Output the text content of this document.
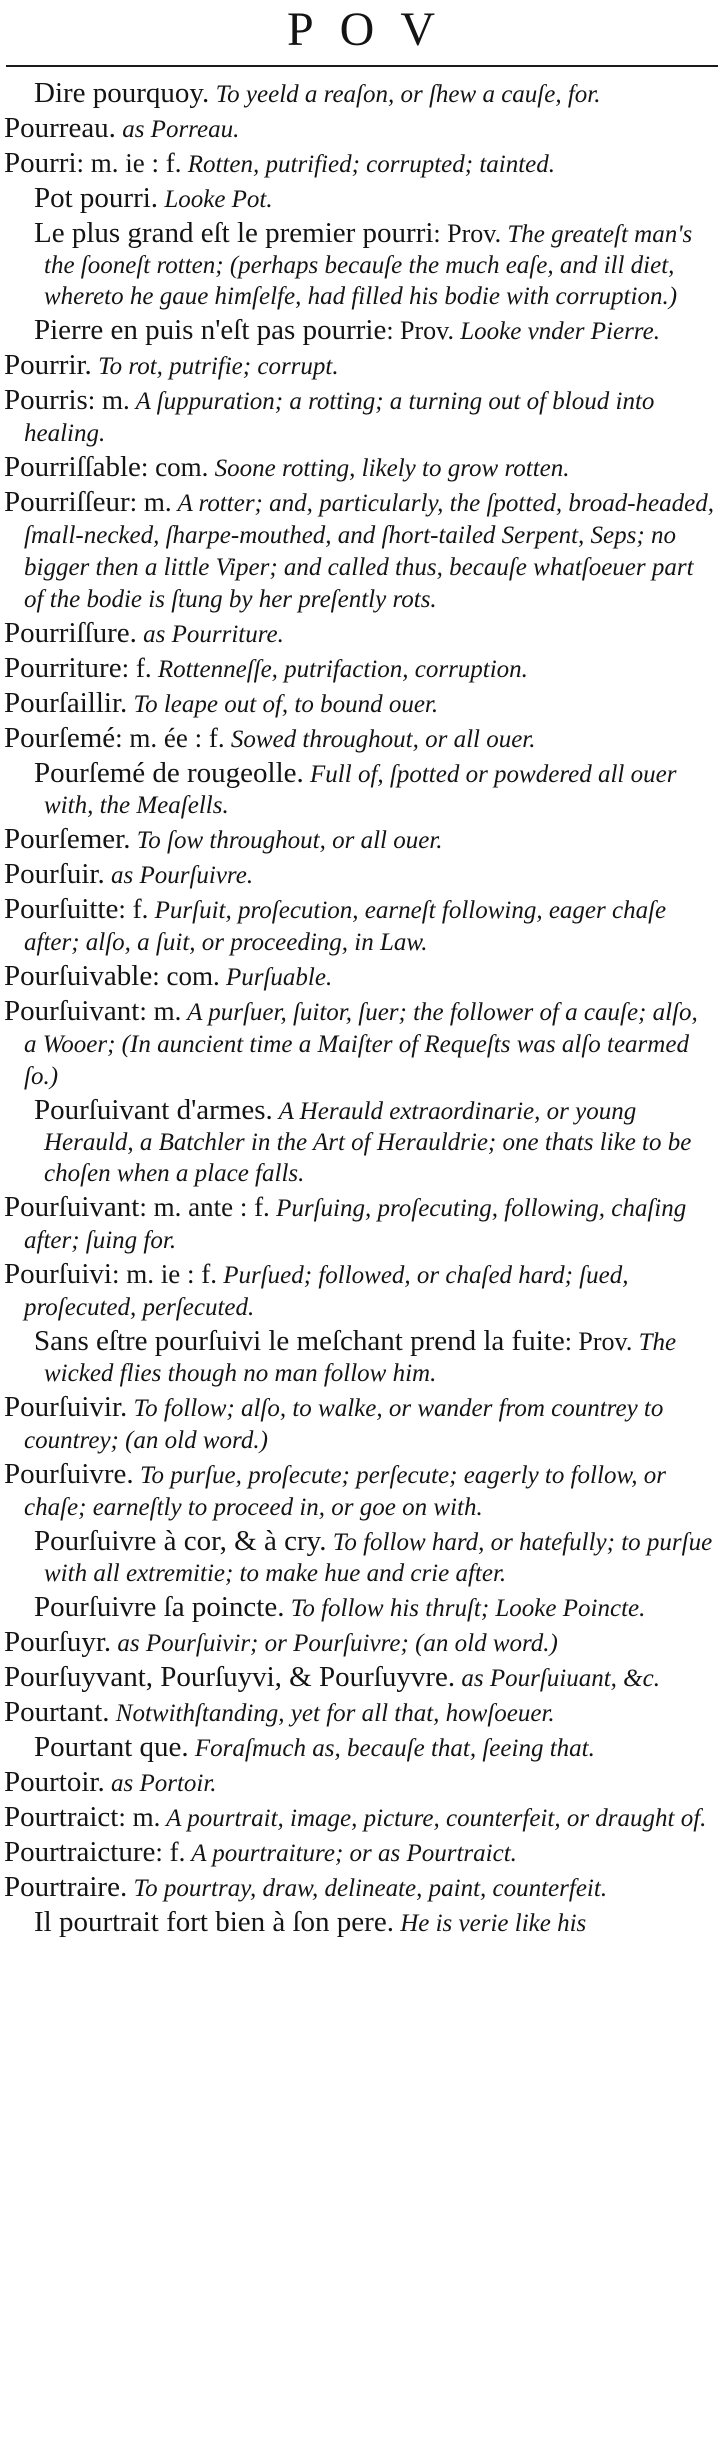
POV
Dire pourquoy. To yeeld a reaſon, or ſhew a cauſe, for.
Pourreau. as Porreau.
Pourri: m. ie : f. Rotten, putrified; corrupted; tainted.
Pot pourri. Looke Pot.
Le plus grand eſt le premier pourri: Prov. The greateſt man's the ſooneſt rotten; (perhaps becauſe the much eaſe, and ill diet, whereto he gaue himſelfe, had filled his bodie with corruption.)
Pierre en puis n'eſt pas pourrie: Prov. Looke vnder Pierre.
Pourrir. To rot, putrifie; corrupt.
Pourris: m. A ſuppuration; a rotting; a turning out of bloud into healing.
Pourriſſable: com. Soone rotting, likely to grow rotten.
Pourriſſeur: m. A rotter; and, particularly, the ſpotted, broad-headed, ſmall-necked, ſharpe-mouthed, and ſhort-tailed Serpent, Seps; no bigger then a little Viper; and called thus, becauſe whatſoeuer part of the bodie is ſtung by her preſently rots.
Pourriſſure. as Pourriture.
Pourriture: f. Rottenneſſe, putrifaction, corruption.
Pourſaillir. To leape out of, to bound ouer.
Pourſemé: m. ée : f. Sowed throughout, or all ouer.
Pourſemé de rougeolle. Full of, ſpotted or powdered all ouer with, the Meaſells.
Pourſemer. To ſow throughout, or all ouer.
Pourſuir. as Pourſuivre.
Pourſuitte: f. Purſuit, proſecution, earneſt following, eager chaſe after; alſo, a ſuit, or proceeding, in Law.
Pourſuivable: com. Purſuable.
Pourſuivant: m. A purſuer, ſuitor, ſuer; the follower of a cauſe; alſo, a Wooer; (In auncient time a Maiſter of Requeſts was alſo tearmed ſo.)
Pourſuivant d'armes. A Herauld extraordinarie, or young Herauld, a Batchler in the Art of Herauldrie; one thats like to be choſen when a place falls.
Pourſuivant: m. ante : f. Purſuing, proſecuting, following, chaſing after; ſuing for.
Pourſuivi: m. ie : f. Purſued; followed, or chaſed hard; ſued, proſecuted, perſecuted.
Sans eſtre pourſuivi le meſchant prend la fuite: Prov. The wicked flies though no man follow him.
Pourſuivir. To follow; alſo, to walke, or wander from countrey to countrey; (an old word.)
Pourſuivre. To purſue, proſecute; perſecute; eagerly to follow, or chaſe; earneſtly to proceed in, or goe on with.
Pourſuivre à cor, & à cry. To follow hard, or hatefully; to purſue with all extremitie; to make hue and crie after.
Pourſuivre ſa poincte. To follow his thruſt; Looke Poincte.
Pourſuyr. as Pourſuivir; or Pourſuivre; (an old word.)
Pourſuyvant, Pourſuyvi, & Pourſuyvre. as Pourſuiuant, &c.
Pourtant. Notwithſtanding, yet for all that, howſoeuer.
Pourtant que. Foraſmuch as, becauſe that, ſeeing that.
Pourtoir. as Portoir.
Pourtraict: m. A pourtrait, image, picture, counterfeit, or draught of.
Pourtraicture: f. A pourtraiture; or as Pourtraict.
Pourtraire. To pourtray, draw, delineate, paint, counterfeit.
Il pourtrait fort bien à ſon pere. He is verie like his
